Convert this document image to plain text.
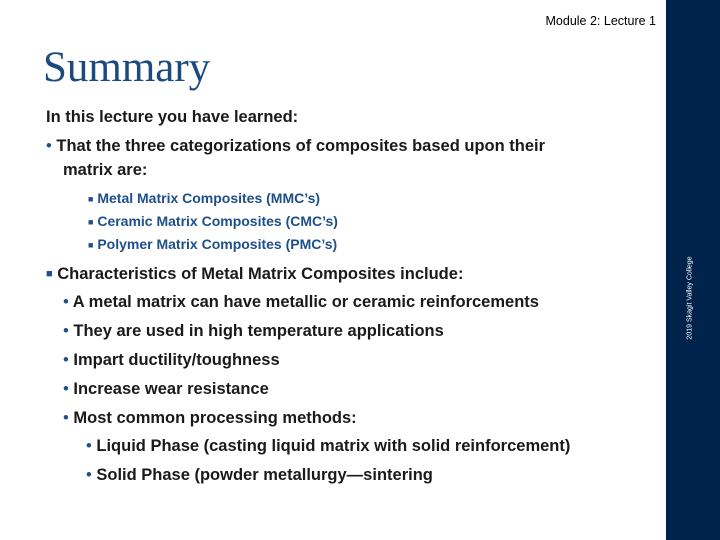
2019 Skagit Valley College
Module 2: Lecture 1
Summary
In this lecture you have learned:
• That the three categorizations of composites based upon their
matrix are:
■ Metal Matrix Composites (MMC’s)
■ Ceramic Matrix Composites (CMC’s)
■ Polymer Matrix Composites (PMC’s)
■ Characteristics of Metal Matrix Composites include:
• A metal matrix can have metallic or ceramic reinforcements
• They are used in high temperature applications
• Impart ductility/toughness
• Increase wear resistance
• Most common processing methods:
• Liquid Phase (casting liquid matrix with solid reinforcement)
• Solid Phase (powder metallurgy—sintering
